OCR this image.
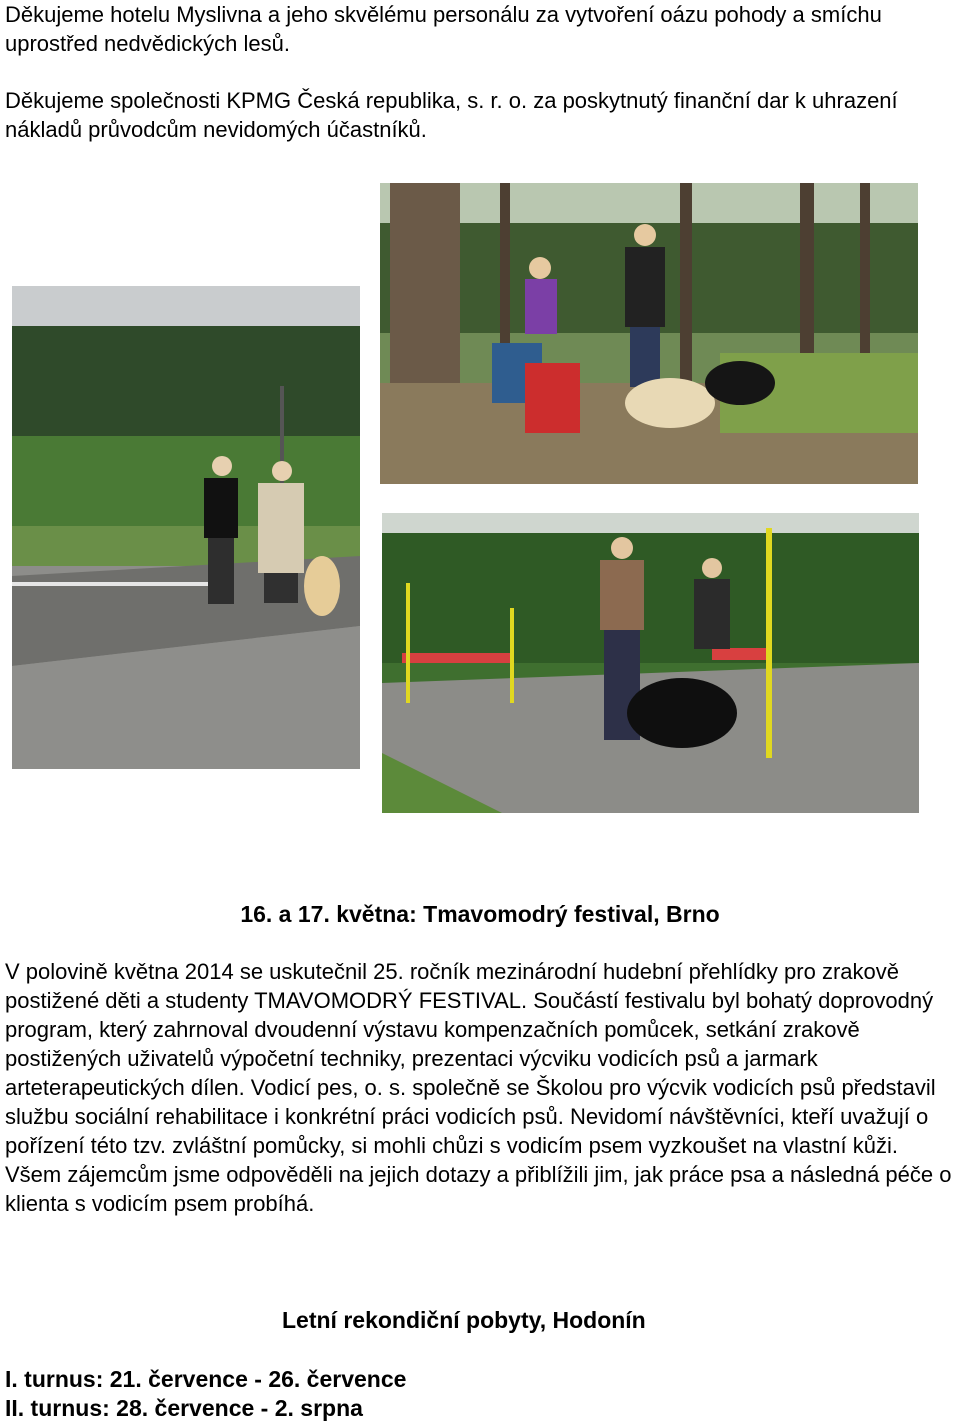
Děkujeme hotelu Myslivna a jeho skvělému personálu za vytvoření oázu pohody a smíchu uprostřed nedvědických lesů.

Děkujeme společnosti KPMG Česká republika, s. r. o. za poskytnutý finanční dar k uhrazení nákladů průvodcům nevidomých účastníků.

16. a 17. května: Tmavomodrý festival, Brno

V polovině května 2014 se uskutečnil 25. ročník mezinárodní hudební přehlídky pro zrakově postižené děti a studenty TMAVOMODRÝ FESTIVAL. Součástí festivalu byl bohatý doprovodný program, který zahrnoval dvoudenní výstavu kompenzačních pomůcek, setkání zrakově postižených uživatelů výpočetní techniky, prezentaci výcviku vodicích psů a jarmark arteterapeutických dílen. Vodicí pes, o. s. společně se Školou pro výcvik vodicích psů představil službu sociální rehabilitace i konkrétní práci vodicích psů. Nevidomí návštěvníci, kteří uvažují o pořízení této tzv. zvláštní pomůcky, si mohli chůzi s vodicím psem vyzkoušet na vlastní kůži. Všem zájemcům jsme odpověděli na jejich dotazy a přiblížili jim, jak práce psa a následná péče o klienta s vodicím psem probíhá.

Letní rekondiční pobyty, Hodonín
I. turnus: 21. července - 26. července
II. turnus: 28. července - 2. srpna
